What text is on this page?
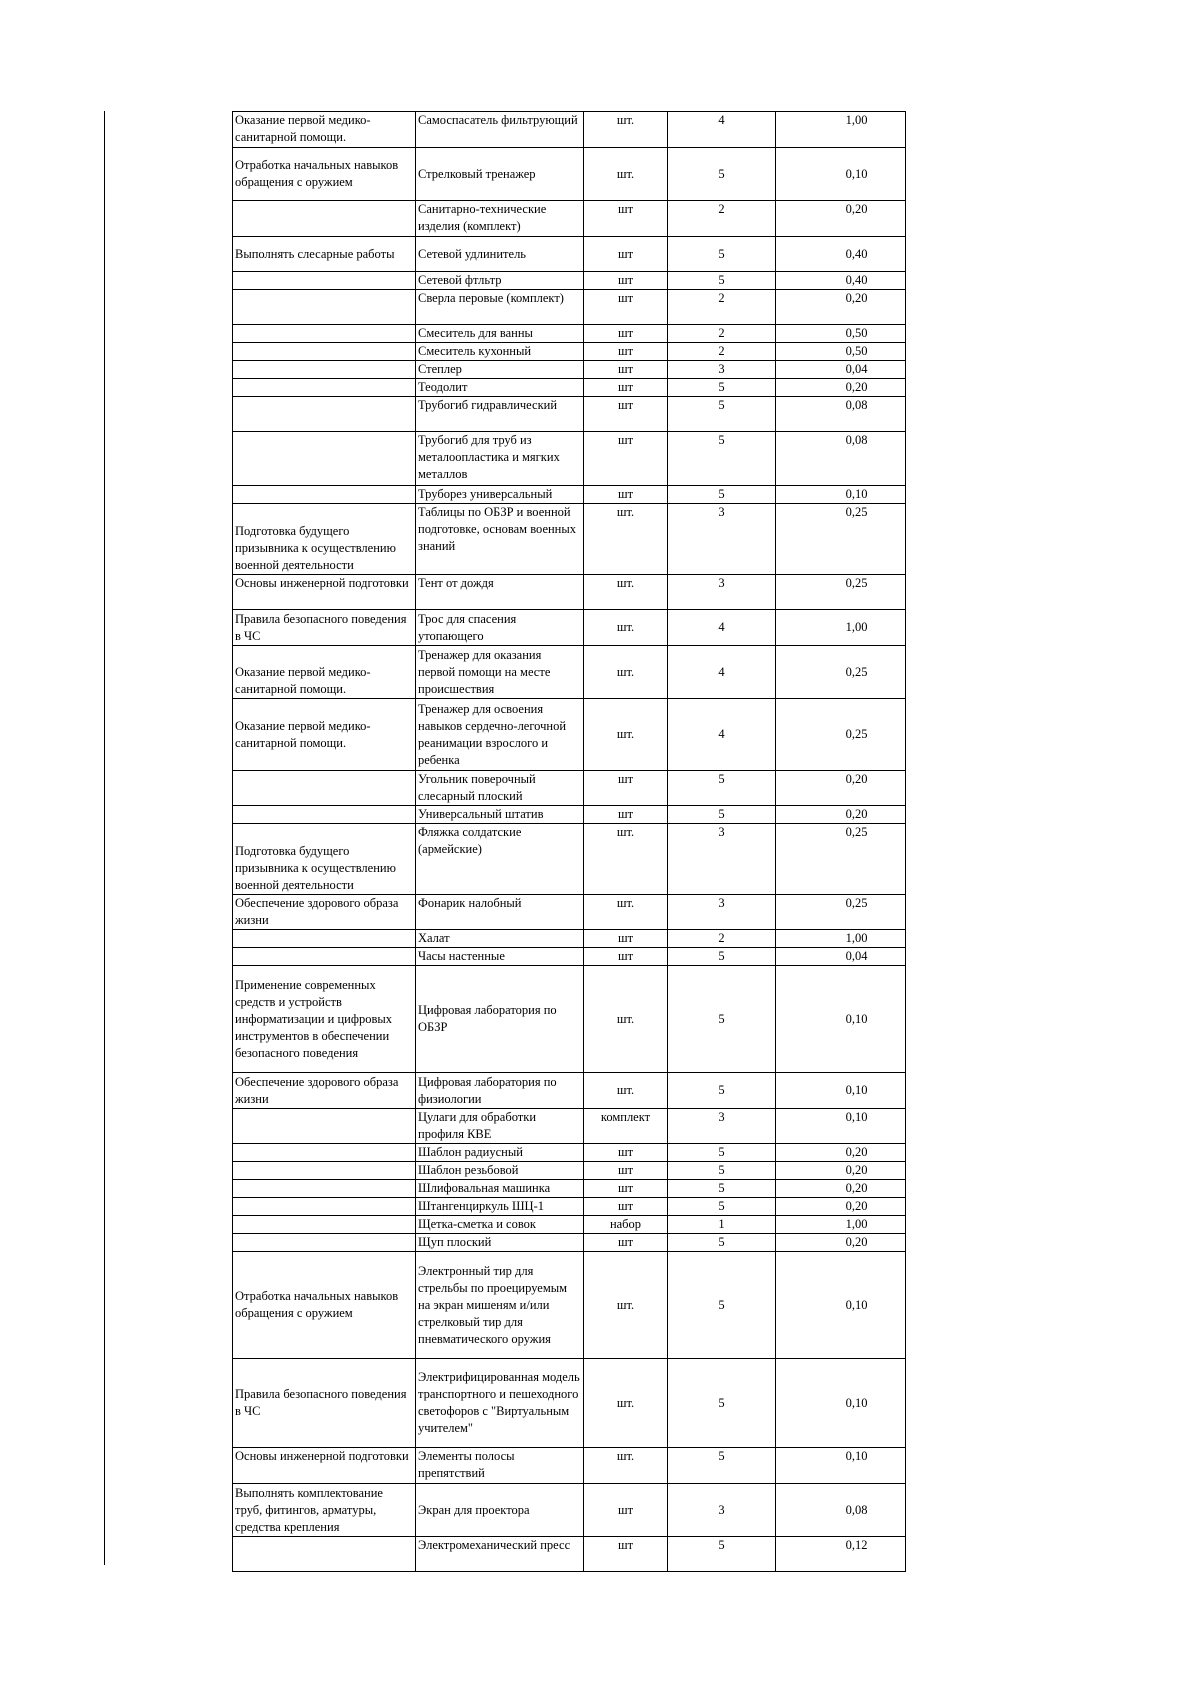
Оказание первой медико-санитарной помощи.	Самоспасатель фильтрующий	шт.	4	1,00
Отработка начальных навыков обращения с оружием	Стрелковый тренажер	шт.	5	0,10
	Санитарно-технические изделия (комплект)	шт	2	0,20
Выполнять слесарные работы	Сетевой удлинитель	шт	5	0,40
	Сетевой фтльтр	шт	5	0,40
	Сверла перовые (комплект)	шт	2	0,20
	Смеситель для ванны	шт	2	0,50
	Смеситель кухонный	шт	2	0,50
	Степлер	шт	3	0,04
	Теодолит	шт	5	0,20
	Трубогиб гидравлический	шт	5	0,08
	Трубогиб для труб из металоопластика и мягких металлов	шт	5	0,08
	Труборез универсальный	шт	5	0,10
Подготовка будущего призывника к осуществлению военной деятельности	Таблицы по ОБЗР и военной подготовке, основам военных знаний	шт.	3	0,25
Основы инженерной подготовки	Тент от дождя	шт.	3	0,25
Правила безопасного поведения в ЧС	Трос для спасения утопающего	шт.	4	1,00
Оказание первой медико-санитарной помощи.	Тренажер для оказания первой помощи на месте происшествия	шт.	4	0,25
Оказание первой медико-санитарной помощи.	Тренажер для освоения навыков сердечно-легочной реанимации взрослого и ребенка	шт.	4	0,25
	Угольник поверочный слесарный плоский	шт	5	0,20
	Универсальный штатив	шт	5	0,20
Подготовка будущего призывника к осуществлению военной деятельности	Фляжка солдатские (армейские)	шт.	3	0,25
Обеспечение здорового образа жизни	Фонарик налобный	шт.	3	0,25
	Халат	шт	2	1,00
	Часы настенные	шт	5	0,04
Применение современных средств и устройств информатизации и цифровых инструментов в обеспечении безопасного поведения	Цифровая лаборатория по ОБЗР	шт.	5	0,10
Обеспечение здорового образа жизни	Цифровая лаборатория по физиологии	шт.	5	0,10
	Цулаги для обработки профиля КВЕ	комплект	3	0,10
	Шаблон радиусный	шт	5	0,20
	Шаблон резьбовой	шт	5	0,20
	Шлифовальная машинка	шт	5	0,20
	Штангенциркуль ШЦ-1	шт	5	0,20
	Щетка-сметка и совок	набор	1	1,00
	Щуп плоский	шт	5	0,20
Отработка начальных навыков обращения с оружием	Электронный тир для стрельбы по проецируемым на экран мишеням и/или стрелковый тир для пневматического оружия	шт.	5	0,10
Правила безопасного поведения в ЧС	Электрифицированная модель транспортного и пешеходного светофоров с "Виртуальным учителем"	шт.	5	0,10
Основы инженерной подготовки	Элементы полосы препятствий	шт.	5	0,10
Выполнять комплектование труб, фитингов, арматуры, средства крепления	Экран для проектора	шт	3	0,08
	Электромеханический пресс	шт	5	0,12
